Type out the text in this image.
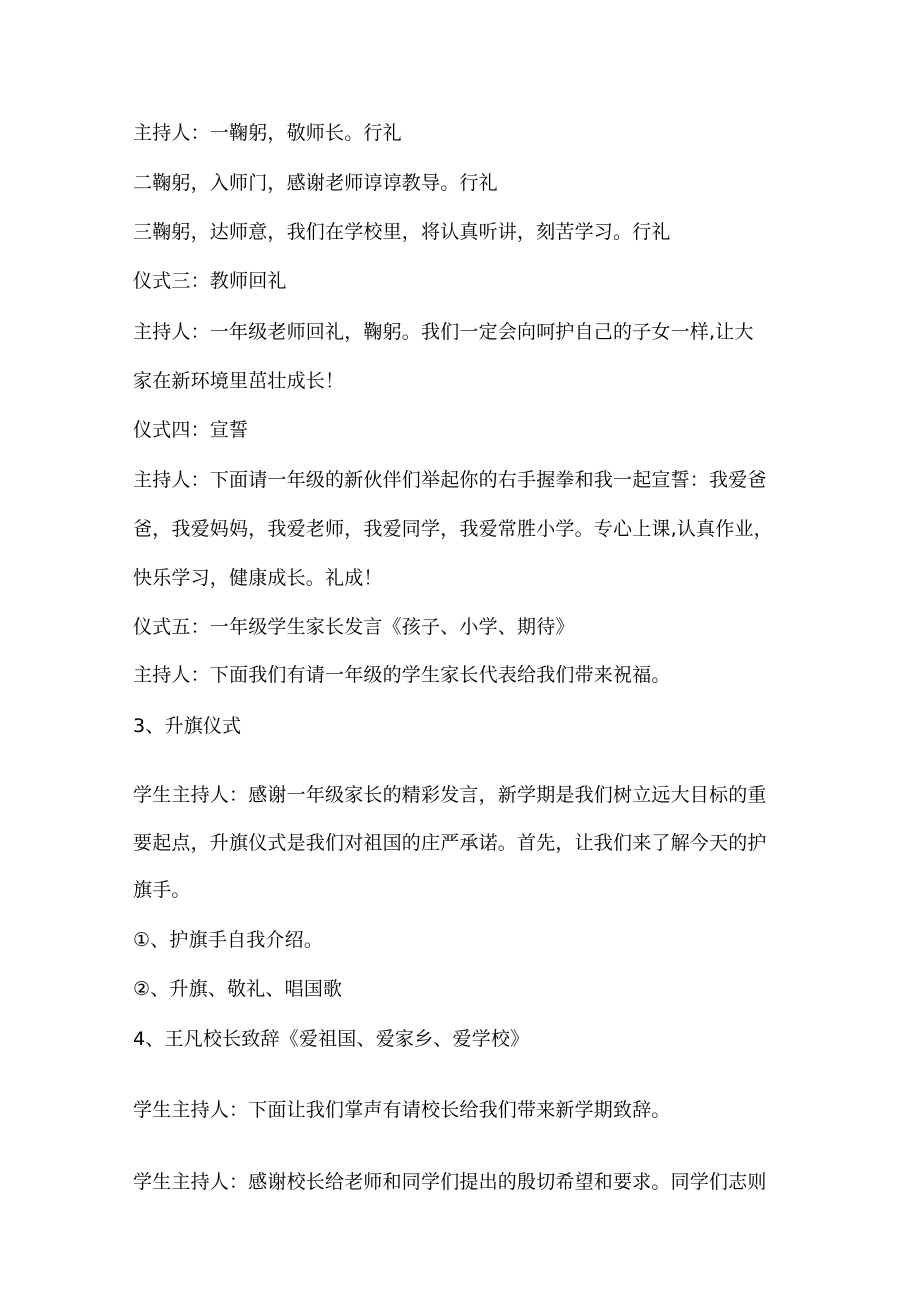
主持人：一鞠躬，敬师长。行礼
二鞠躬，入师门，感谢老师谆谆教导。行礼
三鞠躬，达师意，我们在学校里，将认真听讲，刻苦学习。行礼
仪式三：教师回礼
主持人：一年级老师回礼，鞠躬。我们一定会向呵护自己的子女一样,让大
家在新环境里茁壮成长！
仪式四：宣誓
主持人：下面请一年级的新伙伴们举起你的右手握拳和我一起宣誓：我爱爸
爸，我爱妈妈，我爱老师，我爱同学，我爱常胜小学。专心上课,认真作业，
快乐学习，健康成长。礼成！
仪式五：一年级学生家长发言《孩子、小学、期待》
主持人：下面我们有请一年级的学生家长代表给我们带来祝福。
3、升旗仪式
学生主持人：感谢一年级家长的精彩发言，新学期是我们树立远大目标的重
要起点，升旗仪式是我们对祖国的庄严承诺。首先，让我们来了解今天的护
旗手。
①、护旗手自我介绍。
②、升旗、敬礼、唱国歌
4、王凡校长致辞《爱祖国、爱家乡、爱学校》
学生主持人：下面让我们掌声有请校长给我们带来新学期致辞。
学生主持人：感谢校长给老师和同学们提出的殷切希望和要求。同学们志则
